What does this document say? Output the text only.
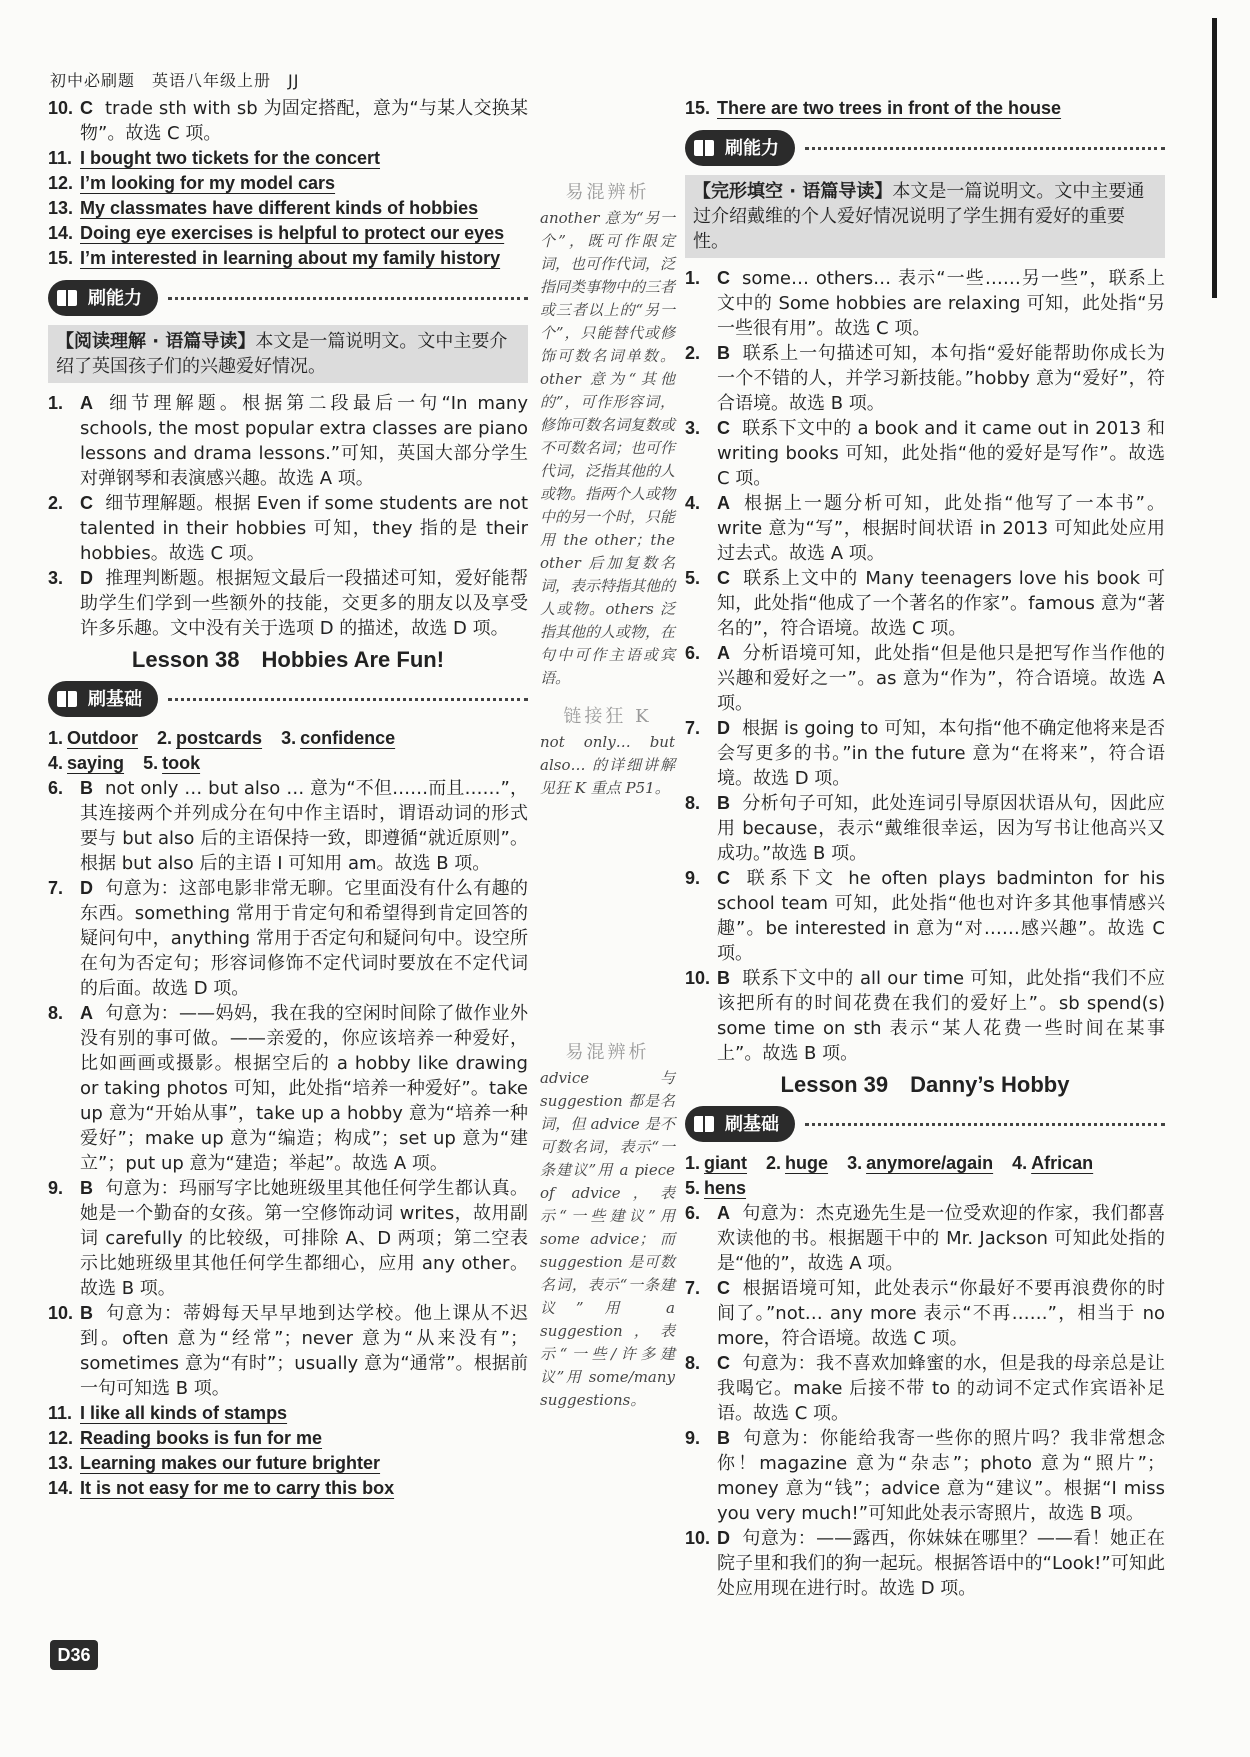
初中必刷题　英语八年级上册　JJ

10. C trade sth with sb 为固定搭配，意为“与某人交换某物”。故选 C 项。

11. I bought two tickets for the concert

12. I’m looking for my model cars

13. My classmates have different kinds of hobbies

14. Doing eye exercises is helpful to protect our eyes

15. I’m interested in learning about my family history

刷能力
【阅读理解 · 语篇导读】本文是一篇说明文。文中主要介绍了英国孩子们的兴趣爱好情况。

1. A 细节理解题。根据第二段最后一句“In many schools, the most popular extra classes are piano lessons and drama lessons.”可知，英国大部分学生对弹钢琴和表演感兴趣。故选 A 项。

2. C 细节理解题。根据 Even if some students are not talented in their hobbies 可知，they 指的是 their hobbies。故选 C 项。

3. D 推理判断题。根据短文最后一段描述可知，爱好能帮助学生们学到一些额外的技能，交更多的朋友以及享受许多乐趣。文中没有关于选项 D 的描述，故选 D 项。

Lesson 38　Hobbies Are Fun!
刷基础

1. Outdoor 2. postcards 3. confidence

4. saying 5. took

6. B not only … but also … 意为“不但……而且……”，其连接两个并列成分在句中作主语时，谓语动词的形式要与 but also 后的主语保持一致，即遵循“就近原则”。根据 but also 后的主语 I 可知用 am。故选 B 项。

7. D 句意为：这部电影非常无聊。它里面没有什么有趣的东西。something 常用于肯定句和希望得到肯定回答的疑问句中，anything 常用于否定句和疑问句中。设空所在句为否定句；形容词修饰不定代词时要放在不定代词的后面。故选 D 项。

8. A 句意为：——妈妈，我在我的空闲时间除了做作业外没有别的事可做。——亲爱的，你应该培养一种爱好，比如画画或摄影。根据空后的 a hobby like drawing or taking photos 可知，此处指“培养一种爱好”。take up 意为“开始从事”，take up a hobby 意为“培养一种爱好”；make up 意为“编造；构成”；set up 意为“建立”；put up 意为“建造；举起”。故选 A 项。

9. B 句意为：玛丽写字比她班级里其他任何学生都认真。她是一个勤奋的女孩。第一空修饰动词 writes，故用副词 carefully 的比较级，可排除 A、D 两项；第二空表示比她班级里其他任何学生都细心，应用 any other。故选 B 项。

10. B 句意为：蒂姆每天早早地到达学校。他上课从不迟到。often 意为“经常”；never 意为“从来没有”；sometimes 意为“有时”；usually 意为“通常”。根据前一句可知选 B 项。

11. I like all kinds of stamps

12. Reading books is fun for me

13. Learning makes our future brighter

14. It is not easy for me to carry this box

易混辨析
another 意为“另一个”，既可作限定词，也可作代词，泛指同类事物中的三者或三者以上的“另一个”，只能替代或修饰可数名词单数。other 意为“其他的”，可作形容词，修饰可数名词复数或不可数名词；也可作代词，泛指其他的人或物。指两个人或物中的另一个时，只能用 the other；the other 后加复数名词，表示特指其他的人或物。others 泛指其他的人或物，在句中可作主语或宾语。
链接狂 K
not only… but also… 的详细讲解见狂 K 重点 P51。
易混辨析
advice 与 suggestion 都是名词，但 advice 是不可数名词，表示“一条建议”用 a piece of advice，表示“一些建议”用 some advice；而 suggestion 是可数名词，表示“一条建议”用 a suggestion，表示“一些/许多建议”用 some/many suggestions。

15. There are two trees in front of the house

刷能力
【完形填空 · 语篇导读】本文是一篇说明文。文中主要通过介绍戴维的个人爱好情况说明了学生拥有爱好的重要性。

1. C some… others… 表示“一些……另一些”，联系上文中的 Some hobbies are relaxing 可知，此处指“另一些很有用”。故选 C 项。

2. B 联系上一句描述可知，本句指“爱好能帮助你成长为一个不错的人，并学习新技能。”hobby 意为“爱好”，符合语境。故选 B 项。

3. C 联系下文中的 a book and it came out in 2013 和 writing books 可知，此处指“他的爱好是写作”。故选 C 项。

4. A 根据上一题分析可知，此处指“他写了一本书”。write 意为“写”，根据时间状语 in 2013 可知此处应用过去式。故选 A 项。

5. C 联系上文中的 Many teenagers love his book 可知，此处指“他成了一个著名的作家”。famous 意为“著名的”，符合语境。故选 C 项。

6. A 分析语境可知，此处指“但是他只是把写作当作他的兴趣和爱好之一”。as 意为“作为”，符合语境。故选 A 项。

7. D 根据 is going to 可知，本句指“他不确定他将来是否会写更多的书。”in the future 意为“在将来”，符合语境。故选 D 项。

8. B 分析句子可知，此处连词引导原因状语从句，因此应用 because，表示“戴维很幸运，因为写书让他高兴又成功。”故选 B 项。

9. C 联系下文 he often plays badminton for his school team 可知，此处指“他也对许多其他事情感兴趣”。be interested in 意为“对……感兴趣”。故选 C 项。

10. B 联系下文中的 all our time 可知，此处指“我们不应该把所有的时间花费在我们的爱好上”。sb spend(s) some time on sth 表示“某人花费一些时间在某事上”。故选 B 项。

Lesson 39　Danny’s Hobby
刷基础

1. giant 2. huge 3. anymore/again 4. African

5. hens

6. A 句意为：杰克逊先生是一位受欢迎的作家，我们都喜欢读他的书。根据题干中的 Mr. Jackson 可知此处指的是“他的”，故选 A 项。

7. C 根据语境可知，此处表示“你最好不要再浪费你的时间了。”not… any more 表示“不再……”，相当于 no more，符合语境。故选 C 项。

8. C 句意为：我不喜欢加蜂蜜的水，但是我的母亲总是让我喝它。make 后接不带 to 的动词不定式作宾语补足语。故选 C 项。

9. B 句意为：你能给我寄一些你的照片吗？我非常想念你！magazine 意为“杂志”；photo 意为“照片”；money 意为“钱”；advice 意为“建议”。根据“I miss you very much!”可知此处表示寄照片，故选 B 项。

10. D 句意为：——露西，你妹妹在哪里？——看！她正在院子里和我们的狗一起玩。根据答语中的“Look!”可知此处应用现在进行时。故选 D 项。

D36
